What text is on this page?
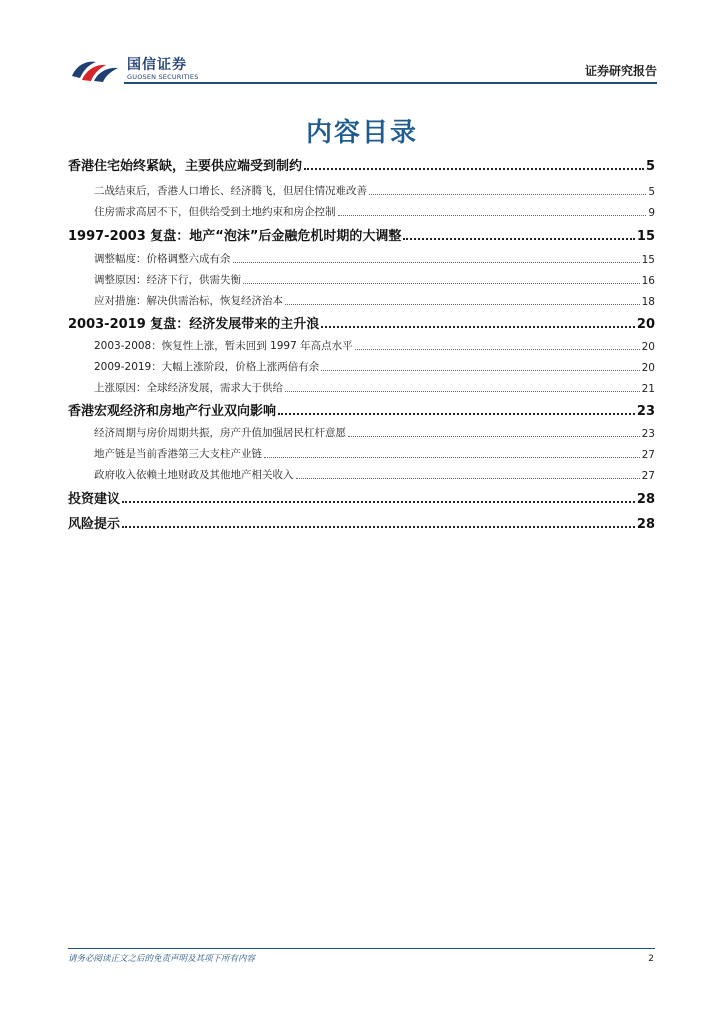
国信证券
GUOSEN SECURITIES	证券研究报告
内容目录
香港住宅始终紧缺，主要供应端受到制约	5
二战结束后，香港人口增长、经济腾飞，但居住情况难改善	5
住房需求高居不下，但供给受到土地约束和房企控制	9
1997-2003 复盘：地产“泡沫”后金融危机时期的大调整	15
调整幅度：价格调整六成有余	15
调整原因：经济下行，供需失衡	16
应对措施：解决供需治标，恢复经济治本	18
2003-2019 复盘：经济发展带来的主升浪	20
2003-2008：恢复性上涨，暂未回到 1997 年高点水平	20
2009-2019：大幅上涨阶段，价格上涨两倍有余	20
上涨原因：全球经济发展，需求大于供给	21
香港宏观经济和房地产行业双向影响	23
经济周期与房价周期共振，房产升值加强居民杠杆意愿	23
地产链是当前香港第三大支柱产业链	27
政府收入依赖土地财政及其他地产相关收入	27
投资建议	28
风险提示	28
请务必阅读正文之后的免责声明及其项下所有内容	2
